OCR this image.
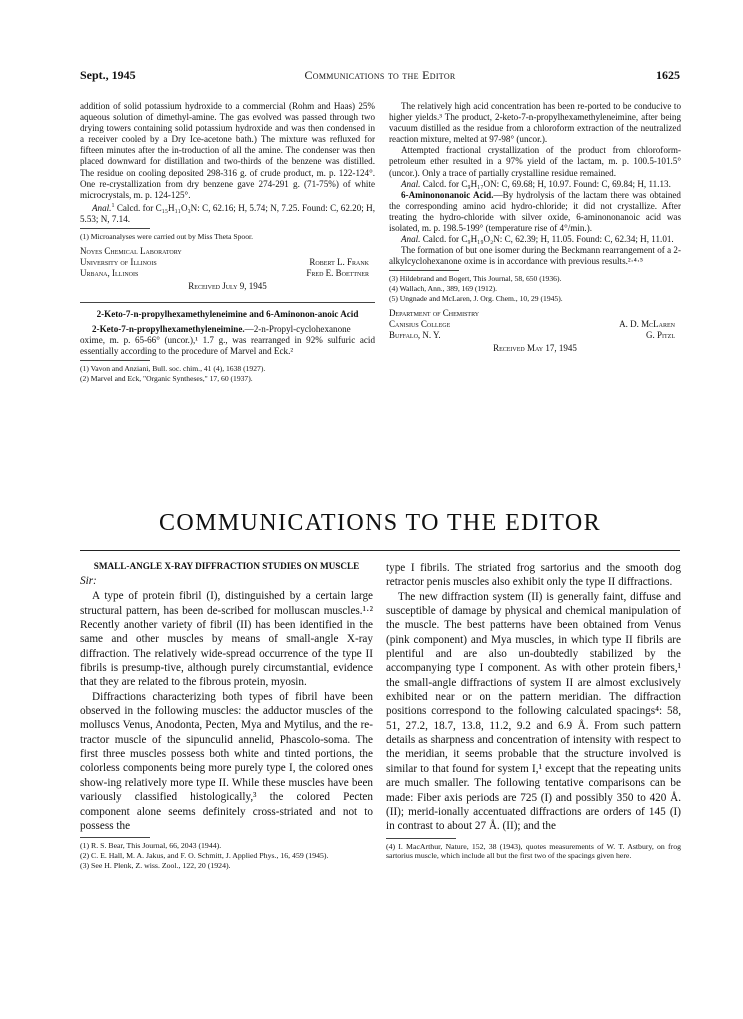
Sept., 1945	Communications to the Editor	1625

addition of solid potassium hydroxide to a commercial (Rohm and Haas) 25% aqueous solution of dimethyl-amine. The gas evolved was passed through two drying towers containing solid potassium hydroxide and was then condensed in a receiver cooled by a Dry Ice-acetone bath.) The mixture was refluxed for fifteen minutes after the in-troduction of all the amine. The condenser was then placed downward for distillation and two-thirds of the benzene was distilled. The residue on cooling deposited 298-316 g. of crude product, m. p. 122-124°. One re-crystallization from dry benzene gave 274-291 g. (71-75%) of white microcrystals, m. p. 124-125°.

Anal.$^1$ Calcd. for C₁₅H₁₁O₃N: C, 62.16; H, 5.74; N, 7.25. Found: C, 62.20; H, 5.53; N, 7.14.

(1) Microanalyses were carried out by Miss Theta Spoor.

Noyes Chemical Laboratory
University of Illinois	Robert L. Frank
Urbana, Illinois	Fred E. Boettner
Received July 9, 1945
2-Keto-7-n-propylhexamethyleneimine and 6-Aminonon-anoic Acid

2-Keto-7-n-propylhexamethyleneimine.—2-n-Propyl-cyclohexanone oxime, m. p. 65-66° (uncor.),¹ 1.7 g., was rearranged in 92% sulfuric acid essentially according to the procedure of Marvel and Eck.²

(1) Vavon and Anziani, Bull. soc. chim., 41 (4), 1638 (1927).

(2) Marvel and Eck, "Organic Syntheses," 17, 60 (1937).

The relatively high acid concentration has been re-ported to be conducive to higher yields.³ The product, 2-keto-7-n-propylhexamethyleneimine, after being vacuum distilled as the residue from a chloroform extraction of the neutralized reaction mixture, melted at 97-98° (uncor.).

Attempted fractional crystallization of the product from chloroform-petroleum ether resulted in a 97% yield of the lactam, m. p. 100.5-101.5° (uncor.). Only a trace of partially crystalline residue remained.

Anal. Calcd. for C₉H₁₇ON: C, 69.68; H, 10.97. Found: C, 69.84; H, 11.13.

6-Aminononanoic Acid.—By hydrolysis of the lactam there was obtained the corresponding amino acid hydro-chloride; it did not crystallize. After treating the hydro-chloride with silver oxide, 6-aminononanoic acid was isolated, m. p. 198.5-199° (temperature rise of 4°/min.).

Anal. Calcd. for C₉H₁₉O₂N: C, 62.39; H, 11.05. Found: C, 62.34; H, 11.01.

The formation of but one isomer during the Beckmann rearrangement of a 2-alkylcyclohexanone oxime is in accordance with previous results.²·⁴·⁵

(3) Hildebrand and Bogert, This Journal, 58, 650 (1936).

(4) Wallach, Ann., 389, 169 (1912).

(5) Ungnade and McLaren, J. Org. Chem., 10, 29 (1945).

Department of Chemistry
Canisius College	A. D. McLaren
Buffalo, N. Y.	G. Pitzl
Received May 17, 1945
COMMUNICATIONS TO THE EDITOR
SMALL-ANGLE X-RAY DIFFRACTION STUDIES ON MUSCLE
Sir:

A type of protein fibril (I), distinguished by a certain large structural pattern, has been de-scribed for molluscan muscles.¹·² Recently another variety of fibril (II) has been identified in the same and other muscles by means of small-angle X-ray diffraction. The relatively wide-spread occurrence of the type II fibrils is presump-tive, although purely circumstantial, evidence that they are related to the fibrous protein, myosin.

Diffractions characterizing both types of fibril have been observed in the following muscles: the adductor muscles of the molluscs Venus, Anodonta, Pecten, Mya and Mytilus, and the re-tractor muscle of the sipunculid annelid, Phascolo-soma. The first three muscles possess both white and tinted portions, the colorless components being more purely type I, the colored ones show-ing relatively more type II. While these muscles have been variously classified histologically,³ the colored Pecten component alone seems definitely cross-striated and not to possess the

(1) R. S. Bear, This Journal, 66, 2043 (1944).

(2) C. E. Hall, M. A. Jakus, and F. O. Schmitt, J. Applied Phys., 16, 459 (1945).

(3) See H. Plenk, Z. wiss. Zool., 122, 20 (1924).

type I fibrils. The striated frog sartorius and the smooth dog retractor penis muscles also exhibit only the type II diffractions.

The new diffraction system (II) is generally faint, diffuse and susceptible of damage by physical and chemical manipulation of the muscle. The best patterns have been obtained from Venus (pink component) and Mya muscles, in which type II fibrils are plentiful and are also un-doubtedly stabilized by the accompanying type I component. As with other protein fibers,¹ the small-angle diffractions of system II are almost exclusively exhibited near or on the pattern meridian. The diffraction positions correspond to the following calculated spacings⁴: 58, 51, 27.2, 18.7, 13.8, 11.2, 9.2 and 6.9 Å. From such pattern details as sharpness and concentration of intensity with respect to the meridian, it seems probable that the structure involved is similar to that found for system I,¹ except that the repeating units are much smaller. The following tentative comparisons can be made: Fiber axis periods are 725 (I) and possibly 350 to 420 Å. (II); merid-ionally accentuated diffractions are orders of 145 (I) in contrast to about 27 Å. (II); and the

(4) I. MacArthur, Nature, 152, 38 (1943), quotes measurements of W. T. Astbury, on frog sartorius muscle, which include all but the first two of the spacings given here.
